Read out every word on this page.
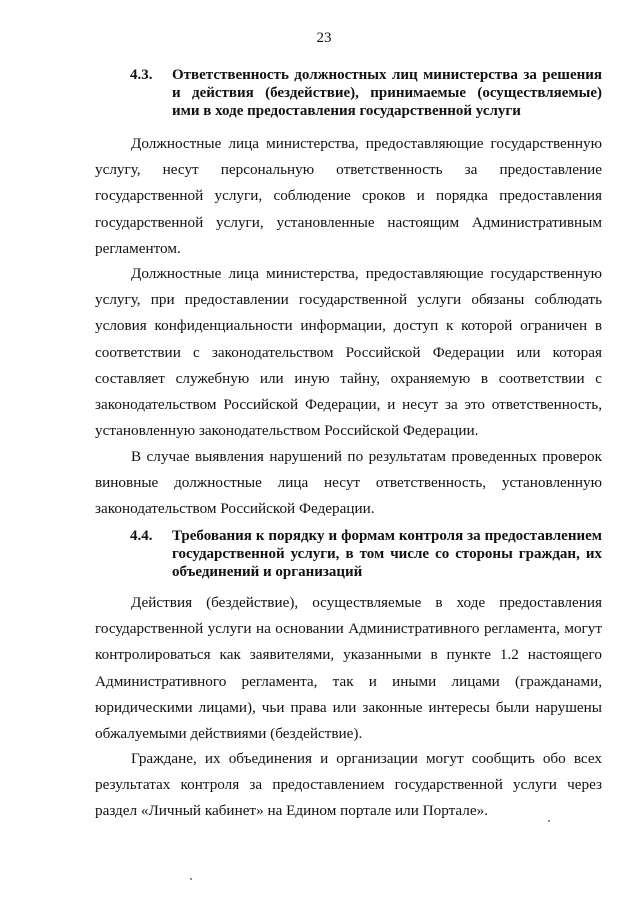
23
4.3.	Ответственность должностных лиц министерства за решения и действия (бездействие), принимаемые (осуществляемые) ими в ходе предоставления государственной услуги

Должностные лица министерства, предоставляющие государственную услугу, несут персональную ответственность за предоставление государственной услуги, соблюдение сроков и порядка предоставления государственной услуги, установленные настоящим Административным регламентом.

Должностные лица министерства, предоставляющие государственную услугу, при предоставлении государственной услуги обязаны соблюдать условия конфиденциальности информации, доступ к которой ограничен в соответствии с законодательством Российской Федерации или которая составляет служебную или иную тайну, охраняемую в соответствии с законодательством Российской Федерации, и несут за это ответственность, установленную законодательством Российской Федерации.

В случае выявления нарушений по результатам проведенных проверок виновные должностные лица несут ответственность, установленную законодательством Российской Федерации.

4.4.	Требования к порядку и формам контроля за предоставлением государственной услуги, в том числе со стороны граждан, их объединений и организаций

Действия (бездействие), осуществляемые в ходе предоставления государственной услуги на основании Административного регламента, могут контролироваться как заявителями, указанными в пункте 1.2 настоящего Административного регламента, так и иными лицами (гражданами, юридическими лицами), чьи права или законные интересы были нарушены обжалуемыми действиями (бездействие).

Граждане, их объединения и организации могут сообщить обо всех результатах контроля за предоставлением государственной услуги через раздел «Личный кабинет» на Едином портале или Портале».
